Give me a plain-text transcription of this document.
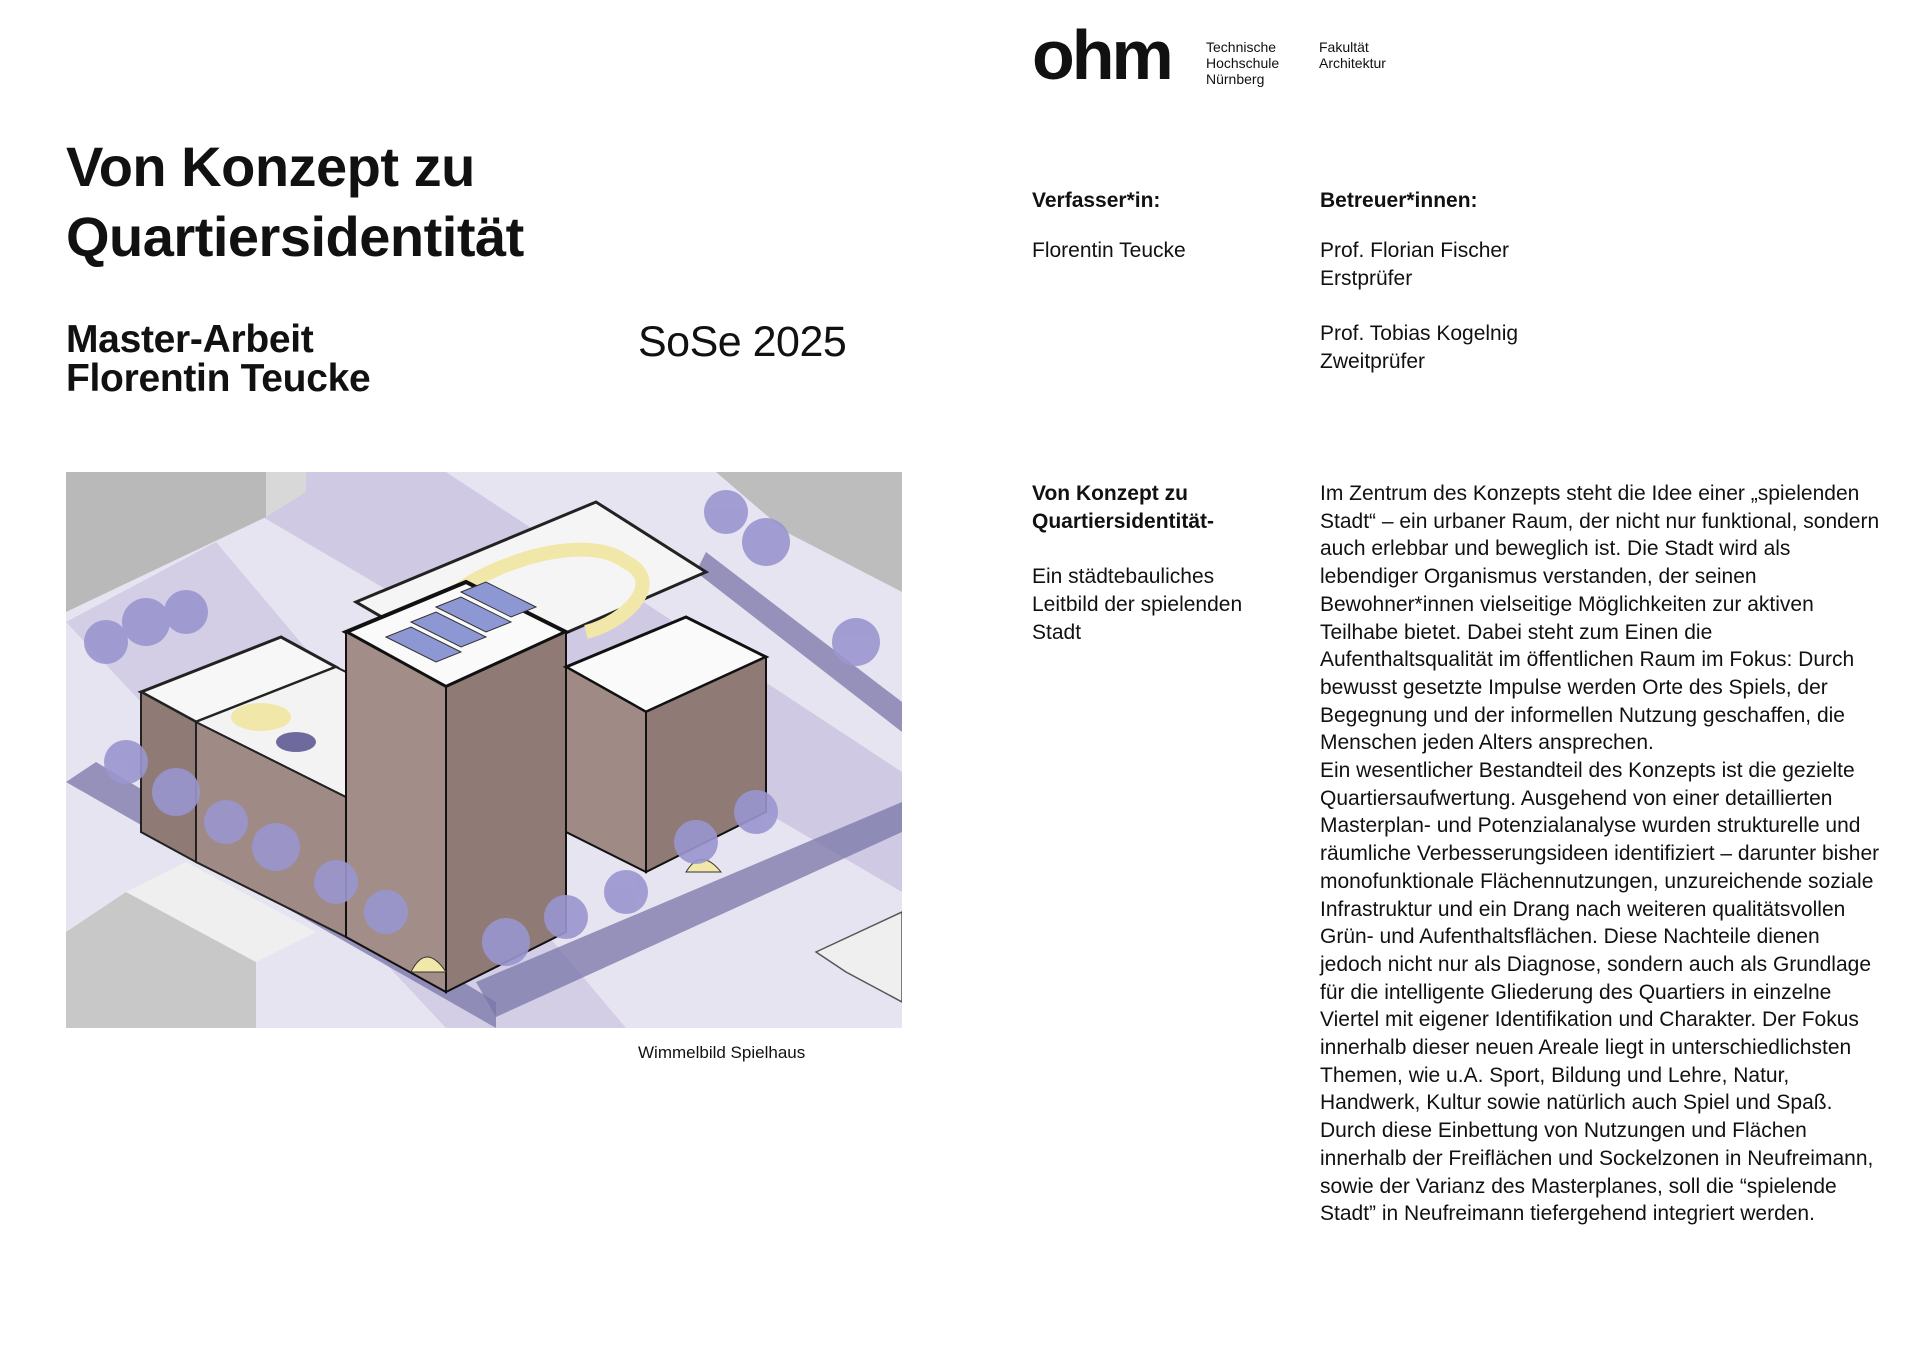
Von Konzept zu
Quartiersidentität
Master-Arbeit
Florentin Teucke
SoSe 2025
Wimmelbild Spielhaus
ohm	Technische
Hochschule
Nürnberg
Fakultät
Architektur
Verfasser*in:
Florentin Teucke
Betreuer*innen:
Prof. Florian Fischer
Erstprüfer
Prof. Tobias Kogelnig
Zweitprüfer
Von Konzept zu
Quartiersidentität-
Ein städtebauliches
Leitbild der spielenden
Stadt

Im Zentrum des Konzepts steht die Idee einer „spielenden Stadt“ – ein urbaner Raum, der nicht nur funktional, sondern auch erlebbar und beweglich ist. Die Stadt wird als lebendiger Organismus verstanden, der seinen Bewohner*innen vielseitige Möglichkeiten zur aktiven Teilhabe bietet. Dabei steht zum Einen die Aufenthaltsqualität im öffentlichen Raum im Fokus: Durch bewusst gesetzte Impulse werden Orte des Spiels, der Begegnung und der informellen Nutzung geschaffen, die Menschen jeden Alters ansprechen.

Ein wesentlicher Bestandteil des Konzepts ist die gezielte Quartiersaufwertung. Ausgehend von einer detaillierten Masterplan- und Potenzialanalyse wurden strukturelle und räumliche Verbesserungsideen identifiziert – darunter bisher monofunktionale Flächennutzungen, unzureichende soziale Infrastruktur und ein Drang nach weiteren qualitätsvollen Grün- und Aufenthaltsflächen. Diese Nachteile dienen jedoch nicht nur als Diagnose, sondern auch als Grundlage für die intelligente Gliederung des Quartiers in einzelne Viertel mit eigener Identifikation und Charakter. Der Fokus innerhalb dieser neuen Areale liegt in unterschiedlichsten Themen, wie u.A. Sport, Bildung und Lehre, Natur, Handwerk, Kultur sowie natürlich auch Spiel und Spaß. Durch diese Einbettung von Nutzungen und Flächen innerhalb der Freiflächen und Sockelzonen in Neufreimann, sowie der Varianz des Masterplanes, soll die “spielende Stadt” in Neufreimann tiefergehend integriert werden.
